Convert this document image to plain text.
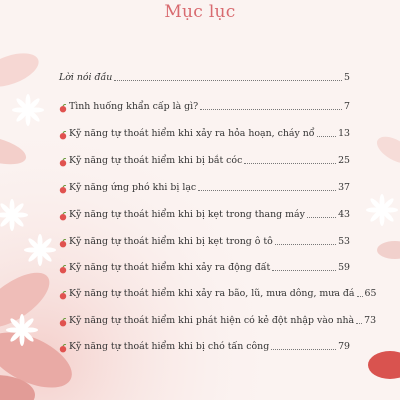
Mục lục
Lời nói đầu	5
Tình huống khẩn cấp là gì?	7
Kỹ năng tự thoát hiểm khi xảy ra hỏa hoạn, cháy nổ	13
Kỹ năng tự thoát hiểm khi bị bắt cóc	25
Kỹ năng ứng phó khi bị lạc	37
Kỹ năng tự thoát hiểm khi bị kẹt trong thang máy	43
Kỹ năng tự thoát hiểm khi bị kẹt trong ô tô	53
Kỹ năng tự thoát hiểm khi xảy ra động đất	59
Kỹ năng tự thoát hiểm khi xảy ra bão, lũ, mưa dông, mưa đá 65
Kỹ năng tự thoát hiểm khi phát hiện có kẻ đột nhập vào nhà 73
Kỹ năng tự thoát hiểm khi bị chó tấn công	79
